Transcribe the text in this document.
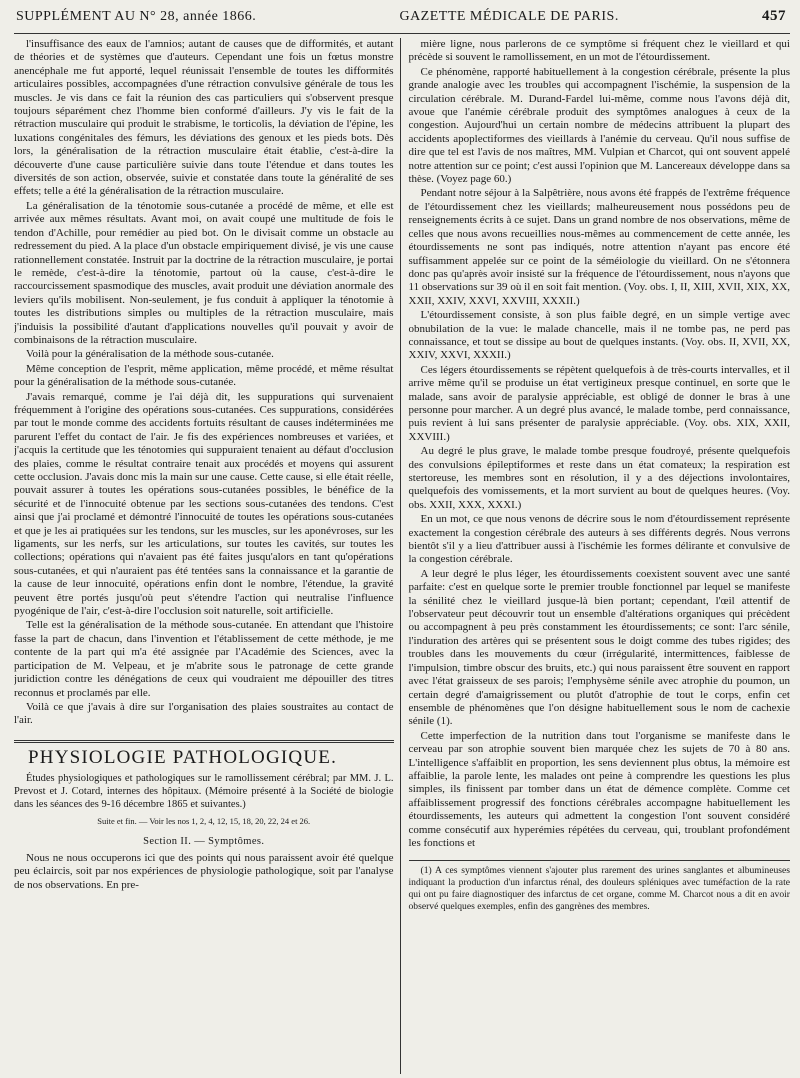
SUPPLÉMENT AU N° 28, année 1866.	GAZETTE MÉDICALE DE PARIS.	457

l'insuffisance des eaux de l'amnios; autant de causes que de difformités, et autant de théories et de systèmes que d'auteurs. Cependant une fois un fœtus monstre anencéphale me fut apporté, lequel réunissait l'ensemble de toutes les difformités articulaires possibles, accompagnées d'une rétraction convulsive générale de tous les muscles. Je vis dans ce fait la réunion des cas particuliers qui s'observent presque toujours séparément chez l'homme bien conformé d'ailleurs. J'y vis le fait de la rétraction musculaire qui produit le strabisme, le torticolis, la déviation de l'épine, les luxations congénitales des fémurs, les déviations des genoux et les pieds bots. Dès lors, la généralisation de la rétraction musculaire était établie, c'est-à-dire la découverte d'une cause particulière suivie dans toute l'étendue et dans toutes les diversités de son action, observée, suivie et constatée dans toute la généralité de ses effets; telle a été la généralisation de la rétraction musculaire.

La généralisation de la ténotomie sous-cutanée a procédé de même, et elle est arrivée aux mêmes résultats. Avant moi, on avait coupé une multitude de fois le tendon d'Achille, pour remédier au pied bot. On le divisait comme un obstacle au redressement du pied. A la place d'un obstacle empiriquement divisé, je vis une cause rationnellement constatée. Instruit par la doctrine de la rétraction musculaire, je portai le remède, c'est-à-dire la ténotomie, partout où la cause, c'est-à-dire le raccourcissement spasmodique des muscles, avait produit une déviation anormale des leviers qu'ils mobilisent. Non-seulement, je fus conduit à appliquer la ténotomie à toutes les distributions simples ou multiples de la rétraction musculaire, mais j'induisis la possibilité d'autant d'applications nouvelles qu'il pouvait y avoir de combinaisons de la rétraction musculaire.

Voilà pour la généralisation de la méthode sous-cutanée.

Même conception de l'esprit, même application, même procédé, et même résultat pour la généralisation de la méthode sous-cutanée.

J'avais remarqué, comme je l'ai déjà dit, les suppurations qui survenaient fréquemment à l'origine des opérations sous-cutanées. Ces suppurations, considérées par tout le monde comme des accidents fortuits résultant de causes indéterminées me parurent l'effet du contact de l'air. Je fis des expériences nombreuses et variées, et j'acquis la certitude que les ténotomies qui suppuraient tenaient au défaut d'occlusion des plaies, comme le résultat contraire tenait aux procédés et moyens qui assurent cette occlusion. J'avais donc mis la main sur une cause. Cette cause, si elle était réelle, pouvait assurer à toutes les opérations sous-cutanées possibles, le bénéfice de la sécurité et de l'innocuité obtenue par les sections sous-cutanées des tendons. C'est ainsi que j'ai proclamé et démontré l'innocuité de toutes les opérations sous-cutanées et que je les ai pratiquées sur les tendons, sur les muscles, sur les aponévroses, sur les ligaments, sur les nerfs, sur les articulations, sur toutes les cavités, sur toutes les collections; opérations qui n'avaient pas été faites jusqu'alors en tant qu'opérations sous-cutanées, et qui n'auraient pas été tentées sans la connaissance et la garantie de la cause de leur innocuité, opérations enfin dont le nombre, l'étendue, la gravité peuvent être portés jusqu'où peut s'étendre l'action qui neutralise l'influence pyogénique de l'air, c'est-à-dire l'occlusion soit naturelle, soit artificielle.

Telle est la généralisation de la méthode sous-cutanée. En attendant que l'histoire fasse la part de chacun, dans l'invention et l'établissement de cette méthode, je me contente de la part qui m'a été assignée par l'Académie des Sciences, avec la participation de M. Velpeau, et je m'abrite sous le patronage de cette grande juridiction contre les dénégations de ceux qui voudraient me dépouiller des titres reconnus et proclamés par elle.

Voilà ce que j'avais à dire sur l'organisation des plaies soustraites au contact de l'air.

PHYSIOLOGIE PATHOLOGIQUE.

Études physiologiques et pathologiques sur le ramollissement cérébral; par MM. J. L. Prevost et J. Cotard, internes des hôpitaux. (Mémoire présenté à la Société de biologie dans les séances des 9-16 décembre 1865 et suivantes.)

Suite et fin. — Voir les nos 1, 2, 4, 12, 15, 18, 20, 22, 24 et 26.
Section II. — Symptômes.

Nous ne nous occuperons ici que des points qui nous paraissent avoir été quelque peu éclaircis, soit par nos expériences de physiologie pathologique, soit par l'analyse de nos observations. En pre-

mière ligne, nous parlerons de ce symptôme si fréquent chez le vieillard et qui précède si souvent le ramollissement, en un mot de l'étourdissement.

Ce phénomène, rapporté habituellement à la congestion cérébrale, présente la plus grande analogie avec les troubles qui accompagnent l'ischémie, la suspension de la circulation cérébrale. M. Durand-Fardel lui-même, comme nous l'avons déjà dit, avoue que l'anémie cérébrale produit des symptômes analogues à ceux de la congestion. Aujourd'hui un certain nombre de médecins attribuent la plupart des accidents apoplectiformes des vieillards à l'anémie du cerveau. Qu'il nous suffise de dire que tel est l'avis de nos maîtres, MM. Vulpian et Charcot, qui ont souvent appelé notre attention sur ce point; c'est aussi l'opinion que M. Lancereaux développe dans sa thèse. (Voyez page 60.)

Pendant notre séjour à la Salpêtrière, nous avons été frappés de l'extrême fréquence de l'étourdissement chez les vieillards; malheureusement nous possédons peu de renseignements écrits à ce sujet. Dans un grand nombre de nos observations, même de celles que nous avons recueillies nous-mêmes au commencement de cette année, les étourdissements ne sont pas indiqués, notre attention n'ayant pas encore été suffisamment appelée sur ce point de la séméiologie du vieillard. On ne s'étonnera donc pas qu'après avoir insisté sur la fréquence de l'étourdissement, nous n'ayons que 11 observations sur 39 où il en soit fait mention. (Voy. obs. I, II, XIII, XVII, XIX, XX, XXII, XXIV, XXVI, XXVIII, XXXII.)

L'étourdissement consiste, à son plus faible degré, en un simple vertige avec obnubilation de la vue: le malade chancelle, mais il ne tombe pas, ne perd pas connaissance, et tout se dissipe au bout de quelques instants. (Voy. obs. II, XVII, XX, XXIV, XXVI, XXXII.)

Ces légers étourdissements se répètent quelquefois à de très-courts intervalles, et il arrive même qu'il se produise un état vertigineux presque continuel, en sorte que le malade, sans avoir de paralysie appréciable, est obligé de donner le bras à une personne pour marcher. A un degré plus avancé, le malade tombe, perd connaissance, puis revient à lui sans présenter de paralysie appréciable. (Voy. obs. XIX, XXII, XXVIII.)

Au degré le plus grave, le malade tombe presque foudroyé, présente quelquefois des convulsions épileptiformes et reste dans un état comateux; la respiration est stertoreuse, les membres sont en résolution, il y a des déjections involontaires, quelquefois des vomissements, et la mort survient au bout de quelques heures. (Voy. obs. XXII, XXX, XXXI.)

En un mot, ce que nous venons de décrire sous le nom d'étourdissement représente exactement la congestion cérébrale des auteurs à ses différents degrés. Nous verrons bientôt s'il y a lieu d'attribuer aussi à l'ischémie les formes délirante et convulsive de la congestion cérébrale.

A leur degré le plus léger, les étourdissements coexistent souvent avec une santé parfaite: c'est en quelque sorte le premier trouble fonctionnel par lequel se manifeste la sénilité chez le vieillard jusque-là bien portant; cependant, l'œil attentif de l'observateur peut découvrir tout un ensemble d'altérations organiques qui précèdent ou accompagnent à peu près constamment les étourdissements; ce sont: l'arc sénile, l'induration des artères qui se présentent sous le doigt comme des tubes rigides; des troubles dans les mouvements du cœur (irrégularité, intermittences, faiblesse de l'impulsion, timbre obscur des bruits, etc.) qui nous paraissent être souvent en rapport avec l'état graisseux de ses parois; l'emphysème sénile avec atrophie du poumon, un certain degré d'amaigrissement ou plutôt d'atrophie de tout le corps, enfin cet ensemble de phénomènes que l'on désigne habituellement sous le nom de cachexie sénile (1).

Cette imperfection de la nutrition dans tout l'organisme se manifeste dans le cerveau par son atrophie souvent bien marquée chez les sujets de 70 à 80 ans. L'intelligence s'affaiblit en proportion, les sens deviennent plus obtus, la mémoire est affaiblie, la parole lente, les malades ont peine à comprendre les questions les plus simples, ils finissent par tomber dans un état de démence complète. Comme cet affaiblissement progressif des fonctions cérébrales accompagne habituellement les étourdissements, les auteurs qui admettent la congestion l'ont souvent considéré comme consécutif aux hyperémies répétées du cerveau, qui, troublant profondément les fonctions et

(1) A ces symptômes viennent s'ajouter plus rarement des urines sanglantes et albumineuses indiquant la production d'un infarctus rénal, des douleurs spléniques avec tuméfaction de la rate qui ont pu faire diagnostiquer des infarctus de cet organe, comme M. Charcot nous a dit en avoir observé quelques exemples, enfin des gangrènes des membres.
